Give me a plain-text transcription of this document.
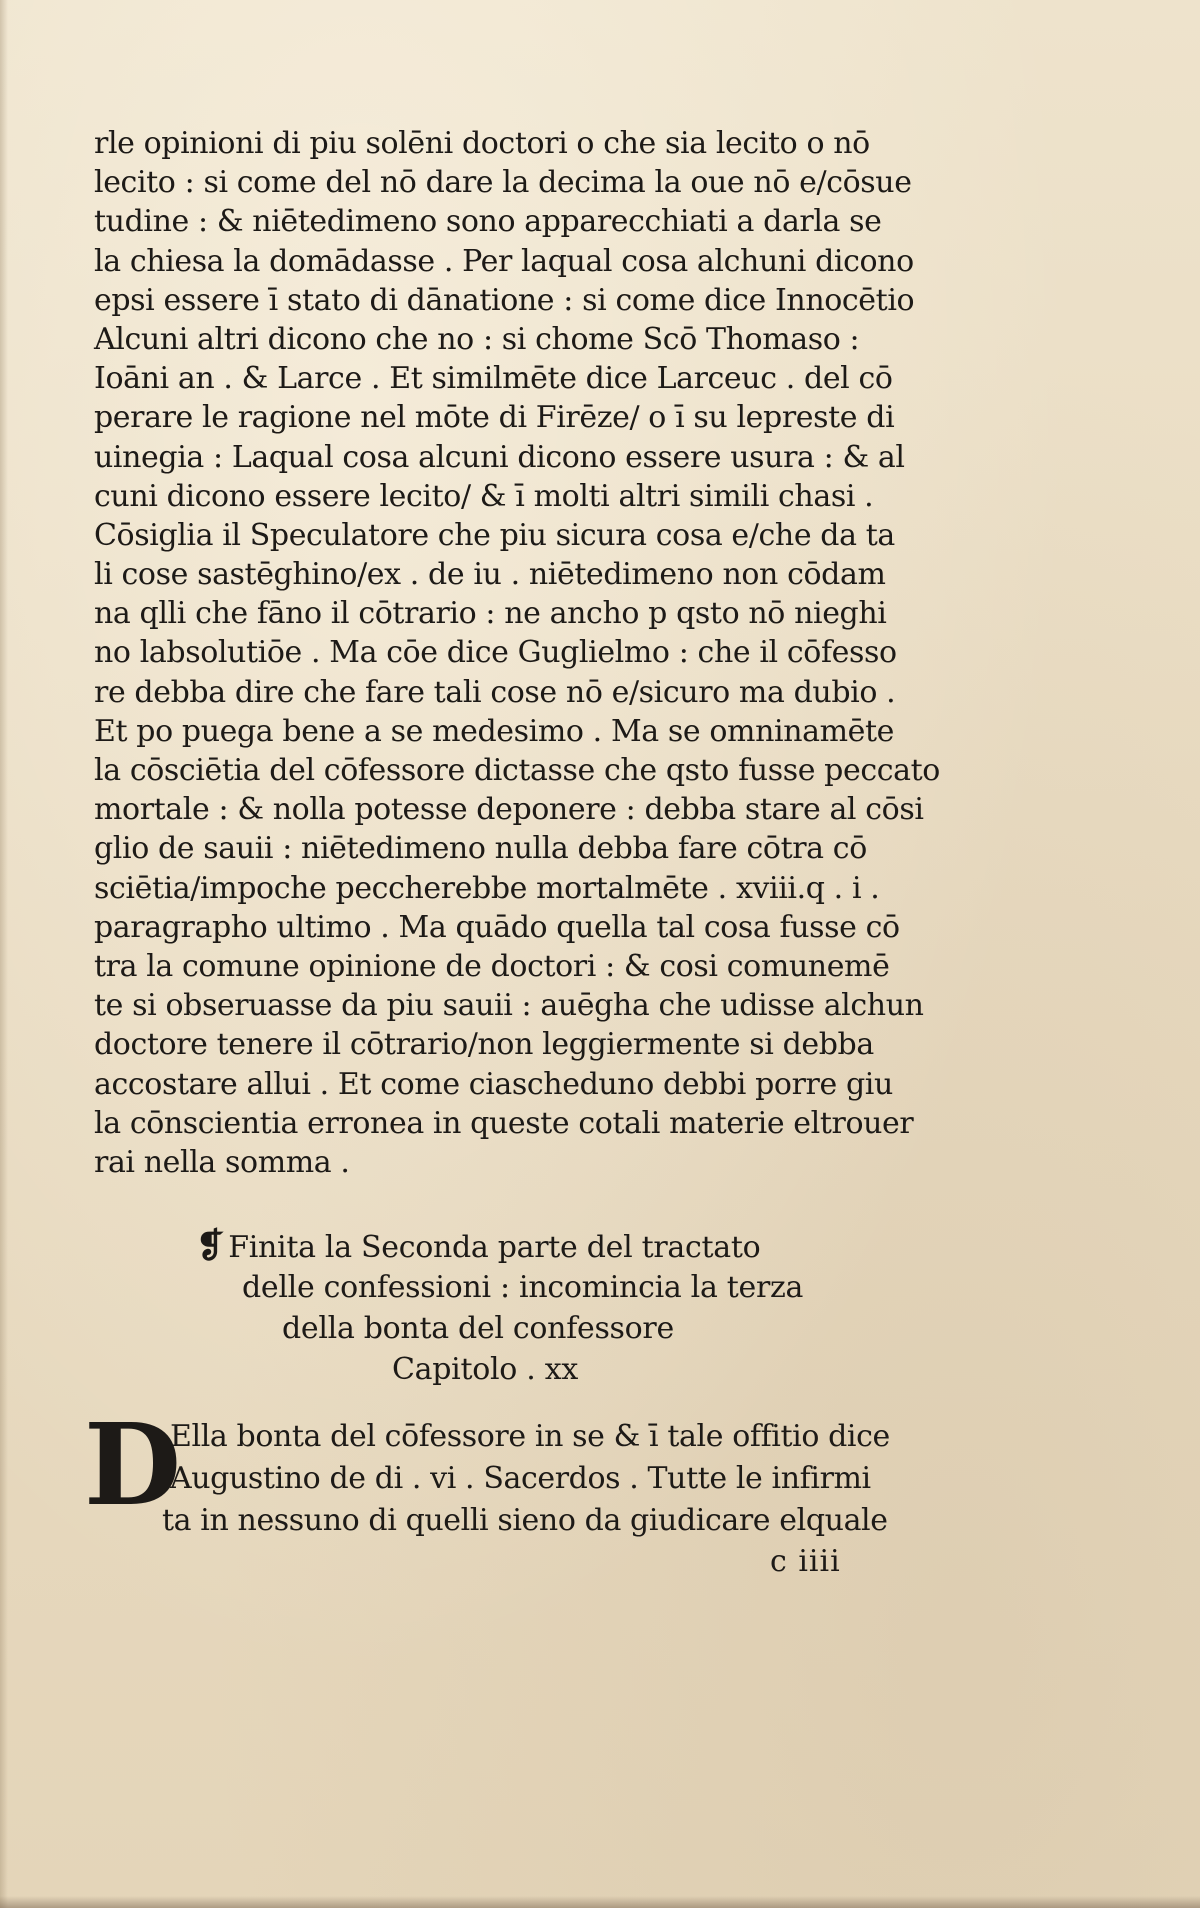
rle opinioni di piu solēni doctori o che sia lecito o nō
lecito : si come del nō dare la decima la oue nō e/cōsue
tudine : & niētedimeno sono apparecchiati a darla se
la chiesa la domādasse . Per laqual cosa alchuni dicono
epsi essere ī stato di dānatione : si come dice Innocētio
Alcuni altri dicono che no : si chome Scō Thomaso :
Ioāni an . & Larce . Et similmēte dice Larceuc . del cō
perare le ragione nel mōte di Firēze/ o ī su lepreste di
uinegia : Laqual cosa alcuni dicono essere usura : & al
cuni dicono essere lecito/ & ī molti altri simili chasi .
Cōsiglia il Speculatore che piu sicura cosa e/che da ta
li cose sastēghino/ex . de iu . niētedimeno non cōdam
na qlli che fāno il cōtrario : ne ancho p qsto nō nieghi
no labsolutiōe . Ma cōe dice Guglielmo : che il cōfesso
re debba dire che fare tali cose nō e/sicuro ma dubio .
Et po puega bene a se medesimo . Ma se omninamēte
la cōsciētia del cōfessore dictasse che qsto fusse peccato
mortale : & nolla potesse deponere : debba stare al cōsi
glio de sauii : niētedimeno nulla debba fare cōtra cō
sciētia/impoche peccherebbe mortalmēte . xviii.q . i .
paragrapho ultimo . Ma quādo quella tal cosa fusse cō
tra la comune opinione de doctori : & cosi comunemē
te si obseruasse da piu sauii : auēgha che udisse alchun
doctore tenere il cōtrario/non leggiermente si debba
accostare allui . Et come ciascheduno debbi porre giu
la cōnscientia erronea in queste cotali materie eltrouer
rai nella somma .
❡ Finita la Seconda parte del tractato
delle confessioni : incomincia la terza
della bonta del confessore
Capitolo . xx
D
Ella bonta del cōfessore in se & ī tale offitio dice
Augustino de di . vi . Sacerdos . Tutte le infirmi
ta in nessuno di quelli sieno da giudicare elquale
c iiii
